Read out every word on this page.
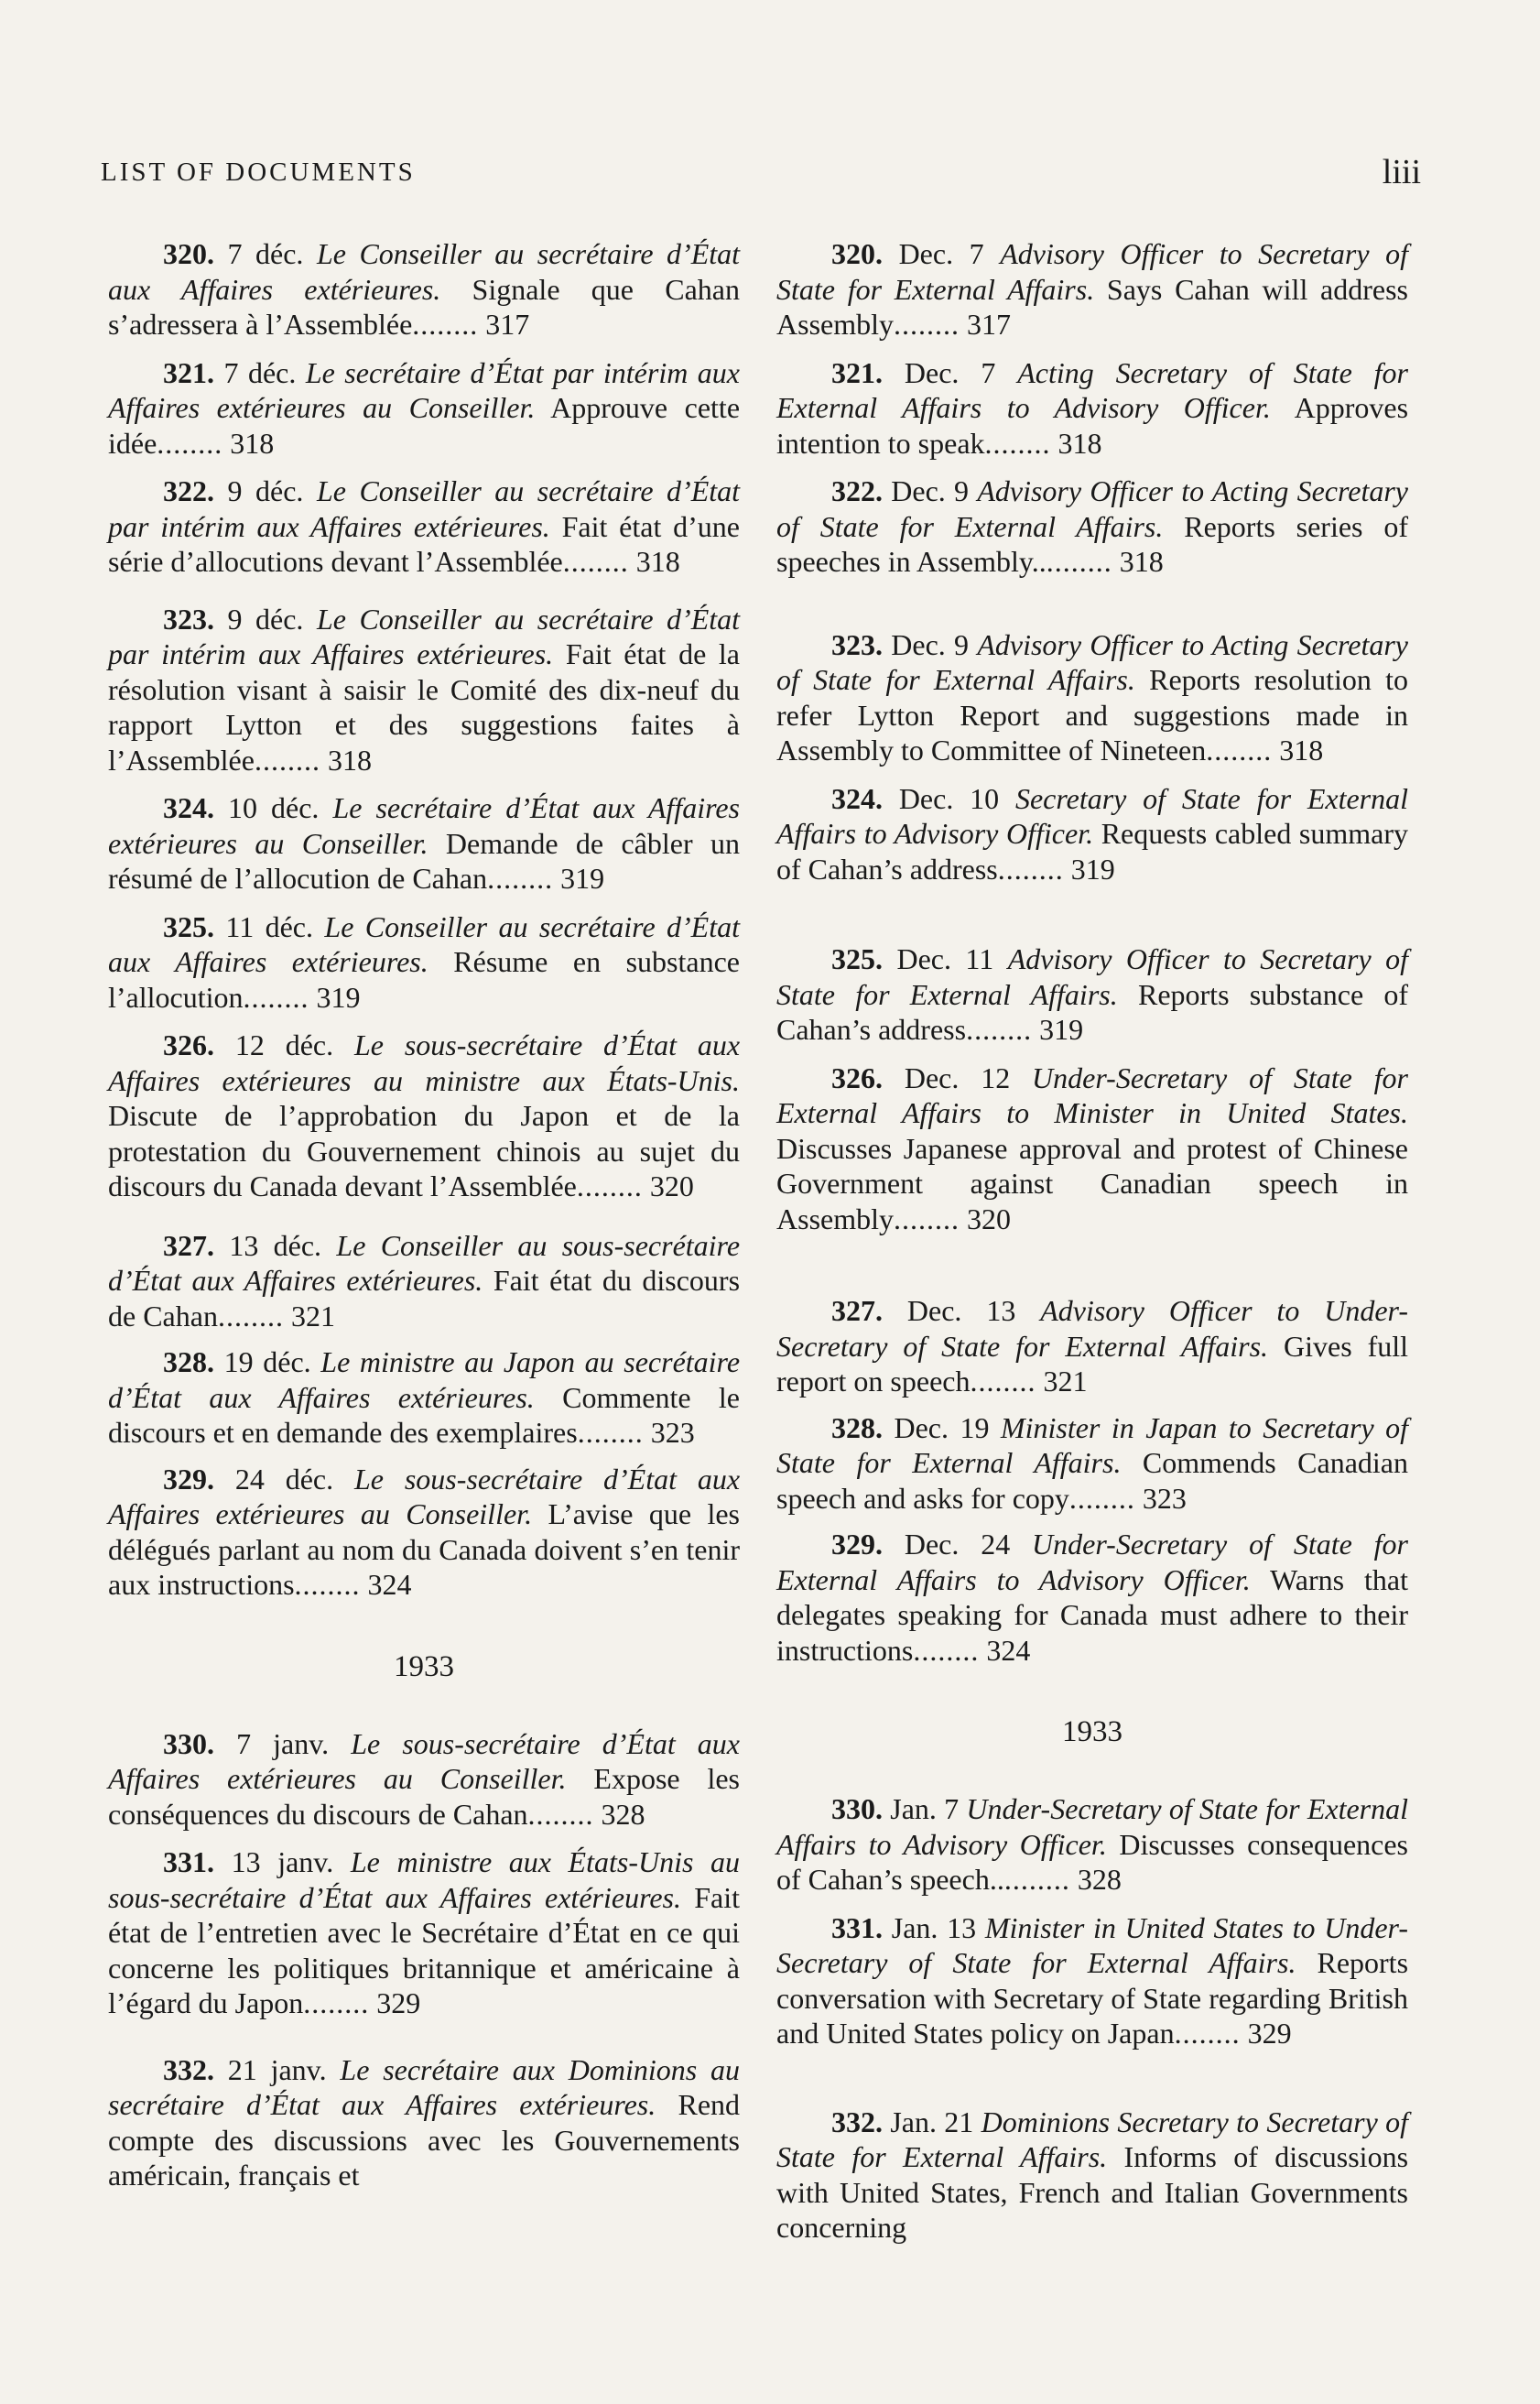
LIST OF DOCUMENTS	liii

320. 7 déc. Le Conseiller au secrétaire d’État aux Affaires extérieures. Signale que Cahan s’adressera à l’Assemblée........ 317

321. 7 déc. Le secrétaire d’État par intérim aux Affaires extérieures au Conseiller. Approuve cette idée........ 318

322. 9 déc. Le Conseiller au secrétaire d’État par intérim aux Affaires extérieures. Fait état d’une série d’allocutions devant l’Assemblée........ 318

323. 9 déc. Le Conseiller au secrétaire d’État par intérim aux Affaires extérieures. Fait état de la résolution visant à saisir le Comité des dix-neuf du rapport Lytton et des suggestions faites à l’Assemblée........ 318

324. 10 déc. Le secrétaire d’État aux Affaires extérieures au Conseiller. Demande de câbler un résumé de l’allocution de Cahan........ 319

325. 11 déc. Le Conseiller au secrétaire d’État aux Affaires extérieures. Résume en substance l’allocution........ 319

326. 12 déc. Le sous-secrétaire d’État aux Affaires extérieures au ministre aux États-Unis. Discute de l’approbation du Japon et de la protestation du Gouvernement chinois au sujet du discours du Canada devant l’Assemblée........ 320

327. 13 déc. Le Conseiller au sous-secrétaire d’État aux Affaires extérieures. Fait état du discours de Cahan........ 321

328. 19 déc. Le ministre au Japon au secrétaire d’État aux Affaires extérieures. Commente le discours et en demande des exemplaires........ 323

329. 24 déc. Le sous-secrétaire d’État aux Affaires extérieures au Conseiller. L’avise que les délégués parlant au nom du Canada doivent s’en tenir aux instructions........ 324

1933

330. 7 janv. Le sous-secrétaire d’État aux Affaires extérieures au Conseiller. Expose les conséquences du discours de Cahan........ 328

331. 13 janv. Le ministre aux États-Unis au sous-secrétaire d’État aux Affaires extérieures. Fait état de l’entretien avec le Secrétaire d’État en ce qui concerne les politiques britannique et américaine à l’égard du Japon........ 329

332. 21 janv. Le secrétaire aux Dominions au secrétaire d’État aux Affaires extérieures. Rend compte des discussions avec les Gouvernements américain, français et

320. Dec. 7 Advisory Officer to Secretary of State for External Affairs. Says Cahan will address Assembly........ 317

321. Dec. 7 Acting Secretary of State for External Affairs to Advisory Officer. Approves intention to speak........ 318

322. Dec. 9 Advisory Officer to Acting Secretary of State for External Affairs. Reports series of speeches in Assembly.......... 318

323. Dec. 9 Advisory Officer to Acting Secretary of State for External Affairs. Reports resolution to refer Lytton Report and suggestions made in Assembly to Committee of Nineteen........ 318

324. Dec. 10 Secretary of State for External Affairs to Advisory Officer. Requests cabled summary of Cahan’s address........ 319

325. Dec. 11 Advisory Officer to Secretary of State for External Affairs. Reports substance of Cahan’s address........ 319

326. Dec. 12 Under-Secretary of State for External Affairs to Minister in United States. Discusses Japanese approval and protest of Chinese Government against Canadian speech in Assembly........ 320

327. Dec. 13 Advisory Officer to Under-Secretary of State for External Affairs. Gives full report on speech........ 321

328. Dec. 19 Minister in Japan to Secretary of State for External Affairs. Commends Canadian speech and asks for copy........ 323

329. Dec. 24 Under-Secretary of State for External Affairs to Advisory Officer. Warns that delegates speaking for Canada must adhere to their instructions........ 324

1933

330. Jan. 7 Under-Secretary of State for External Affairs to Advisory Officer. Discusses consequences of Cahan’s speech.......... 328

331. Jan. 13 Minister in United States to Under-Secretary of State for External Affairs. Reports conversation with Secretary of State regarding British and United States policy on Japan........ 329

332. Jan. 21 Dominions Secretary to Secretary of State for External Affairs. Informs of discussions with United States, French and Italian Governments concerning
